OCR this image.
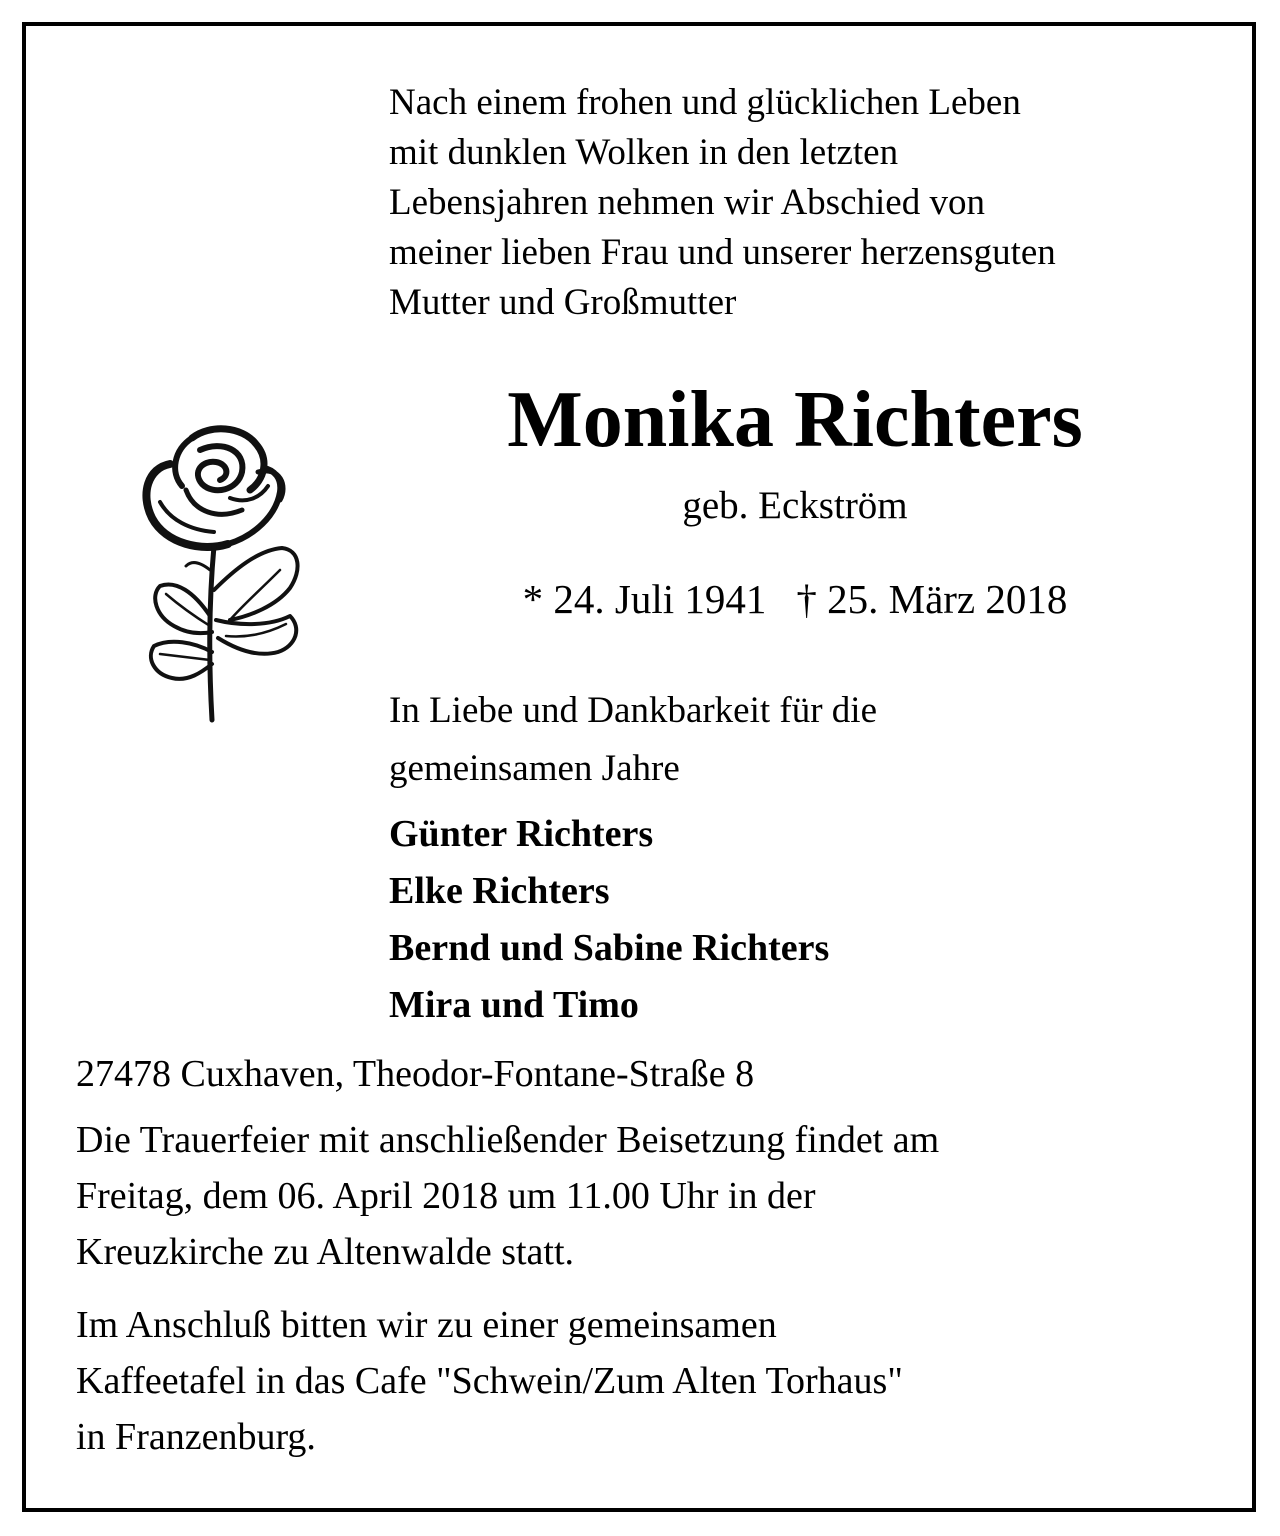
Nach einem frohen und glücklichen Leben
mit dunklen Wolken in den letzten
Lebensjahren nehmen wir Abschied von
meiner lieben Frau und unserer herzensguten
Mutter und Großmutter
Monika Richters
geb. Eckström
* 24. Juli 1941 † 25. März 2018
In Liebe und Dankbarkeit für die
gemeinsamen Jahre
Günter Richters
Elke Richters
Bernd und Sabine Richters
Mira und Timo
27478 Cuxhaven, Theodor-Fontane-Straße 8
Die Trauerfeier mit anschließender Beisetzung findet am
Freitag, dem 06. April 2018 um 11.00 Uhr in der
Kreuzkirche zu Altenwalde statt.
Im Anschluß bitten wir zu einer gemeinsamen
Kaffeetafel in das Cafe "Schwein/Zum Alten Torhaus"
in Franzenburg.
